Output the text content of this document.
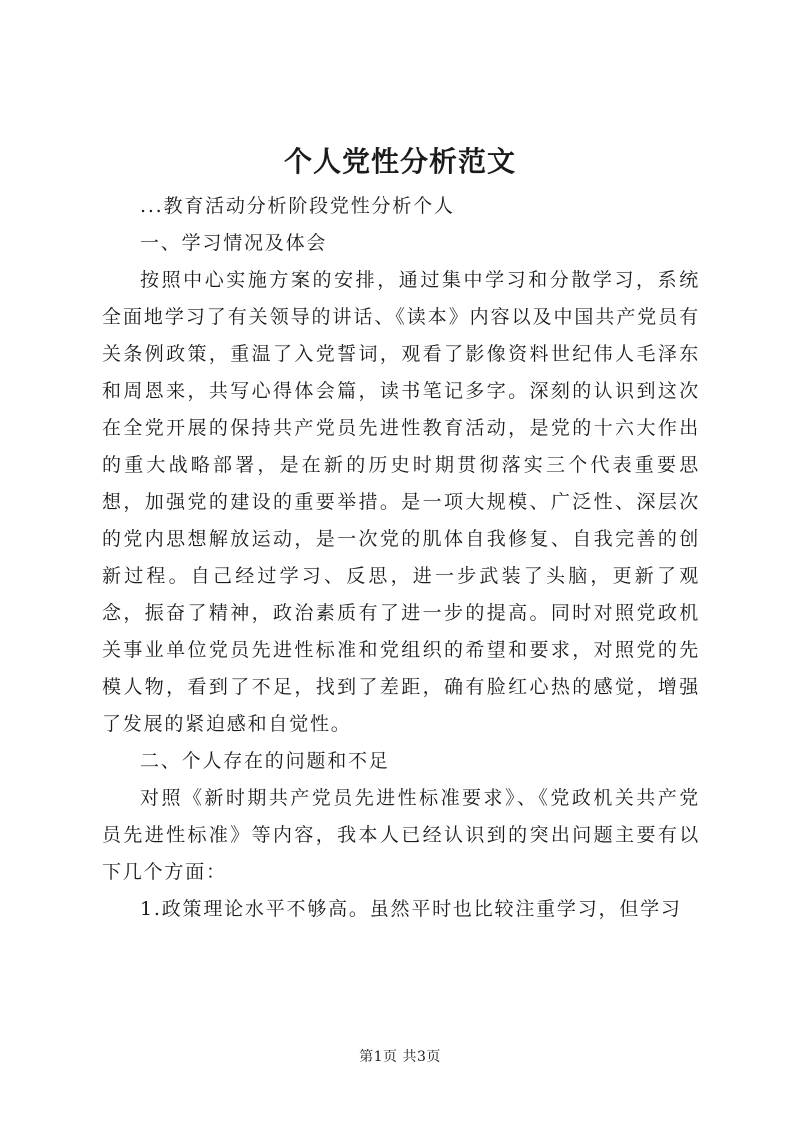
个人党性分析范文

...教育活动分析阶段党性分析个人

一、学习情况及体会

按照中心实施方案的安排，通过集中学习和分散学习，系统全面地学习了有关领导的讲话、《读本》内容以及中国共产党员有关条例政策，重温了入党誓词，观看了影像资料世纪伟人毛泽东和周恩来，共写心得体会篇，读书笔记多字。深刻的认识到这次在全党开展的保持共产党员先进性教育活动，是党的十六大作出的重大战略部署，是在新的历史时期贯彻落实三个代表重要思想，加强党的建设的重要举措。是一项大规模、广泛性、深层次的党内思想解放运动，是一次党的肌体自我修复、自我完善的创新过程。自己经过学习、反思，进一步武装了头脑，更新了观念，振奋了精神，政治素质有了进一步的提高。同时对照党政机关事业单位党员先进性标准和党组织的希望和要求，对照党的先模人物，看到了不足，找到了差距，确有脸红心热的感觉，增强了发展的紧迫感和自觉性。

二、个人存在的问题和不足

对照《新时期共产党员先进性标准要求》、《党政机关共产党员先进性标准》等内容，我本人已经认识到的突出问题主要有以下几个方面：

1.政策理论水平不够高。虽然平时也比较注重学习，但学习

第1页 共3页
